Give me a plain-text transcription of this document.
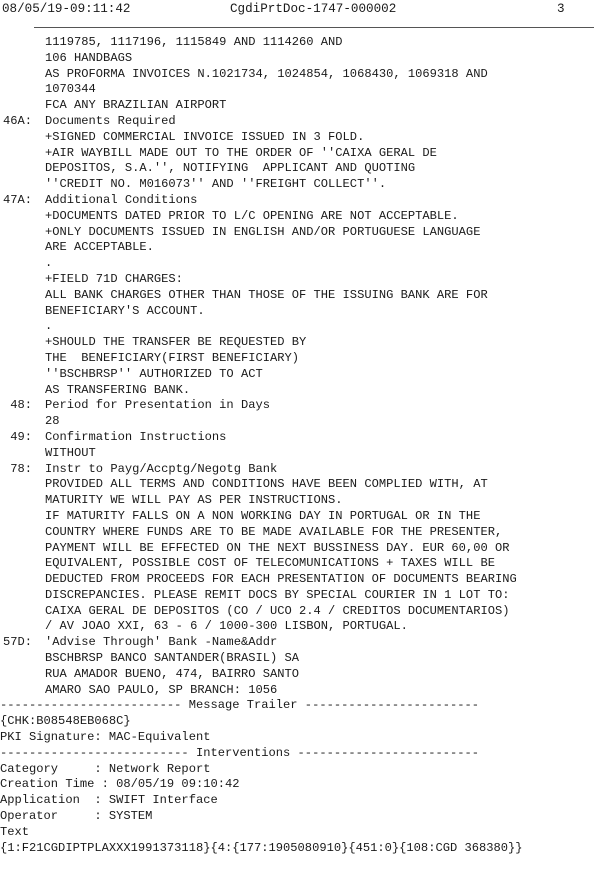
08/05/19-09:11:42	CgdiPrtDoc-1747-000002	3
1119785, 1117196, 1115849 AND 1114260 AND
106 HANDBAGS
AS PROFORMA INVOICES N.1021734, 1024854, 1068430, 1069318 AND
1070344
FCA ANY BRAZILIAN AIRPORT
46A: Documents Required
+SIGNED COMMERCIAL INVOICE ISSUED IN 3 FOLD.
+AIR WAYBILL MADE OUT TO THE ORDER OF ''CAIXA GERAL DE
DEPOSITOS, S.A.'', NOTIFYING  APPLICANT AND QUOTING
''CREDIT NO. M016073'' AND ''FREIGHT COLLECT''.
47A: Additional Conditions
+DOCUMENTS DATED PRIOR TO L/C OPENING ARE NOT ACCEPTABLE.
+ONLY DOCUMENTS ISSUED IN ENGLISH AND/OR PORTUGUESE LANGUAGE
ARE ACCEPTABLE.
.
+FIELD 71D CHARGES:
ALL BANK CHARGES OTHER THAN THOSE OF THE ISSUING BANK ARE FOR
BENEFICIARY'S ACCOUNT.
.
+SHOULD THE TRANSFER BE REQUESTED BY
THE  BENEFICIARY(FIRST BENEFICIARY)
''BSCHBRSP'' AUTHORIZED TO ACT
AS TRANSFERING BANK.
48: Period for Presentation in Days
28
49: Confirmation Instructions
WITHOUT
78: Instr to Payg/Accptg/Negotg Bank
PROVIDED ALL TERMS AND CONDITIONS HAVE BEEN COMPLIED WITH, AT
MATURITY WE WILL PAY AS PER INSTRUCTIONS.
IF MATURITY FALLS ON A NON WORKING DAY IN PORTUGAL OR IN THE
COUNTRY WHERE FUNDS ARE TO BE MADE AVAILABLE FOR THE PRESENTER,
PAYMENT WILL BE EFFECTED ON THE NEXT BUSSINESS DAY. EUR 60,00 OR
EQUIVALENT, POSSIBLE COST OF TELECOMUNICATIONS + TAXES WILL BE
DEDUCTED FROM PROCEEDS FOR EACH PRESENTATION OF DOCUMENTS BEARING
DISCREPANCIES. PLEASE REMIT DOCS BY SPECIAL COURIER IN 1 LOT TO:
CAIXA GERAL DE DEPOSITOS (CO / UCO 2.4 / CREDITOS DOCUMENTARIOS)
/ AV JOAO XXI, 63 - 6 / 1000-300 LISBON, PORTUGAL.
57D: 'Advise Through' Bank -Name&Addr
BSCHBRSP BANCO SANTANDER(BRASIL) SA
RUA AMADOR BUENO, 474, BAIRRO SANTO
AMARO SAO PAULO, SP BRANCH: 1056
------------------------- Message Trailer ------------------------
{CHK:B08548EB068C}
PKI Signature: MAC-Equivalent
-------------------------- Interventions -------------------------
Category     : Network Report
Creation Time : 08/05/19 09:10:42
Application  : SWIFT Interface
Operator     : SYSTEM
Text
{1:F21CGDIPTPLAXXX1991373118}{4:{177:1905080910}{451:0}{108:CGD 368380}}
